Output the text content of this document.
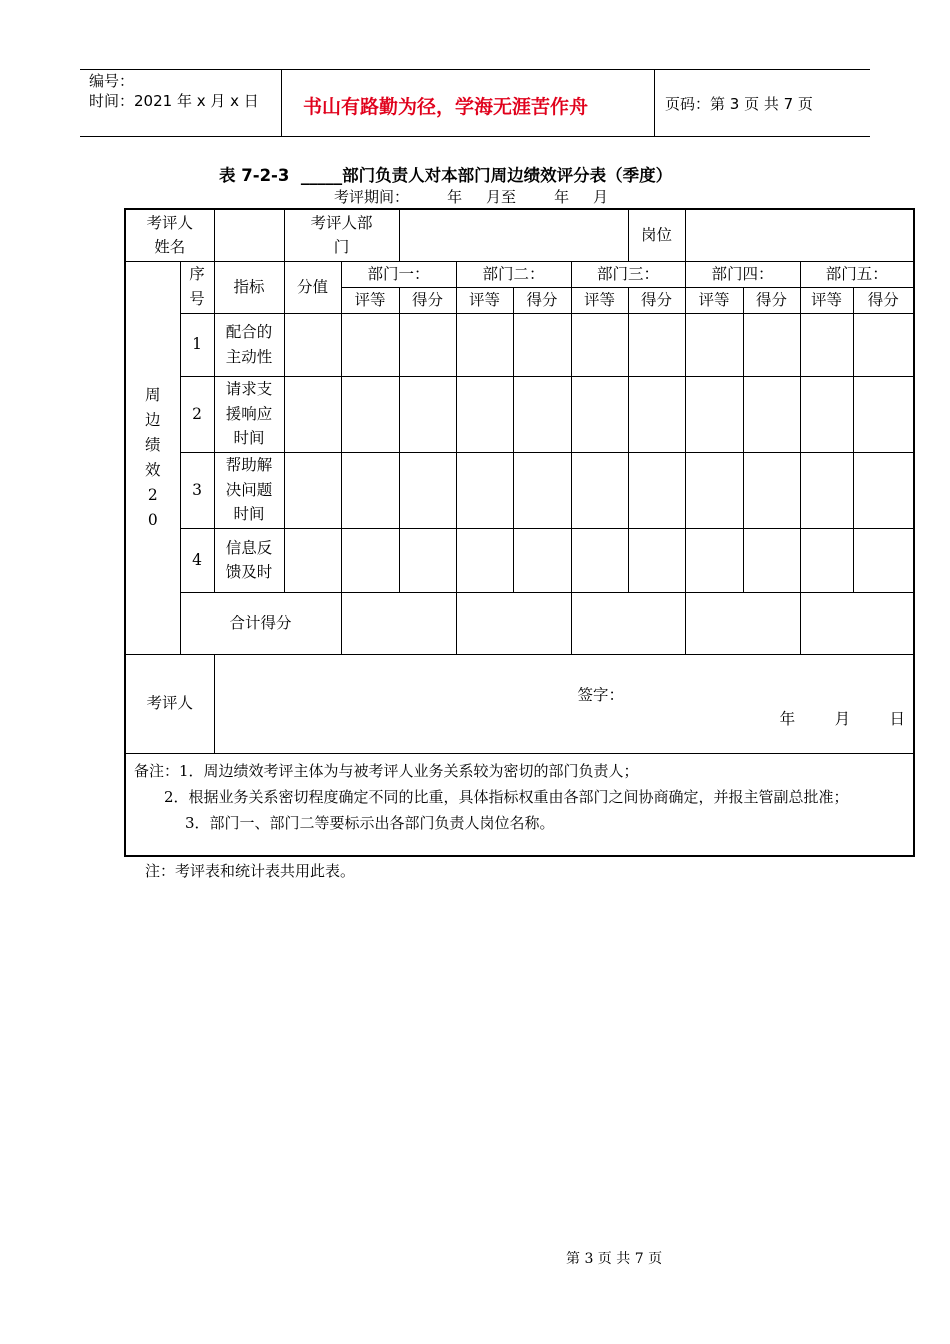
编号：
时间：2021 年 x 月 x 日 书山有路勤为径，学海无涯苦作舟	页码：第 3 页 共 7 页
表 7-2-3  _____部门负责人对本部门周边绩效评分表（季度）
考评期间：        年     月至        年     月
考评人姓名			考评人部门						岗位				
周边绩效20	序号	指标	分值	部门一：		部门二：		部门三：		部门四：		部门五：	
				评等	得分	评等	得分	评等	得分	评等	得分	评等	得分
	1	配合的主动性											
	2	请求支援响应时间											
	3	帮助解决问题时间											
	4	信息反馈及时											
	合计得分												
考评人		签字：
年        月        日											

备注：1．周边绩效考评主体为与被考评人业务关系较为密切的部门负责人；

2．根据业务关系密切程度确定不同的比重，具体指标权重由各部门之间协商确定，并报主管副总批准；

3．部门一、部门二等要标示出各部门负责人岗位名称。													

注：考评表和统计表共用此表。
第 3 页 共 7 页
